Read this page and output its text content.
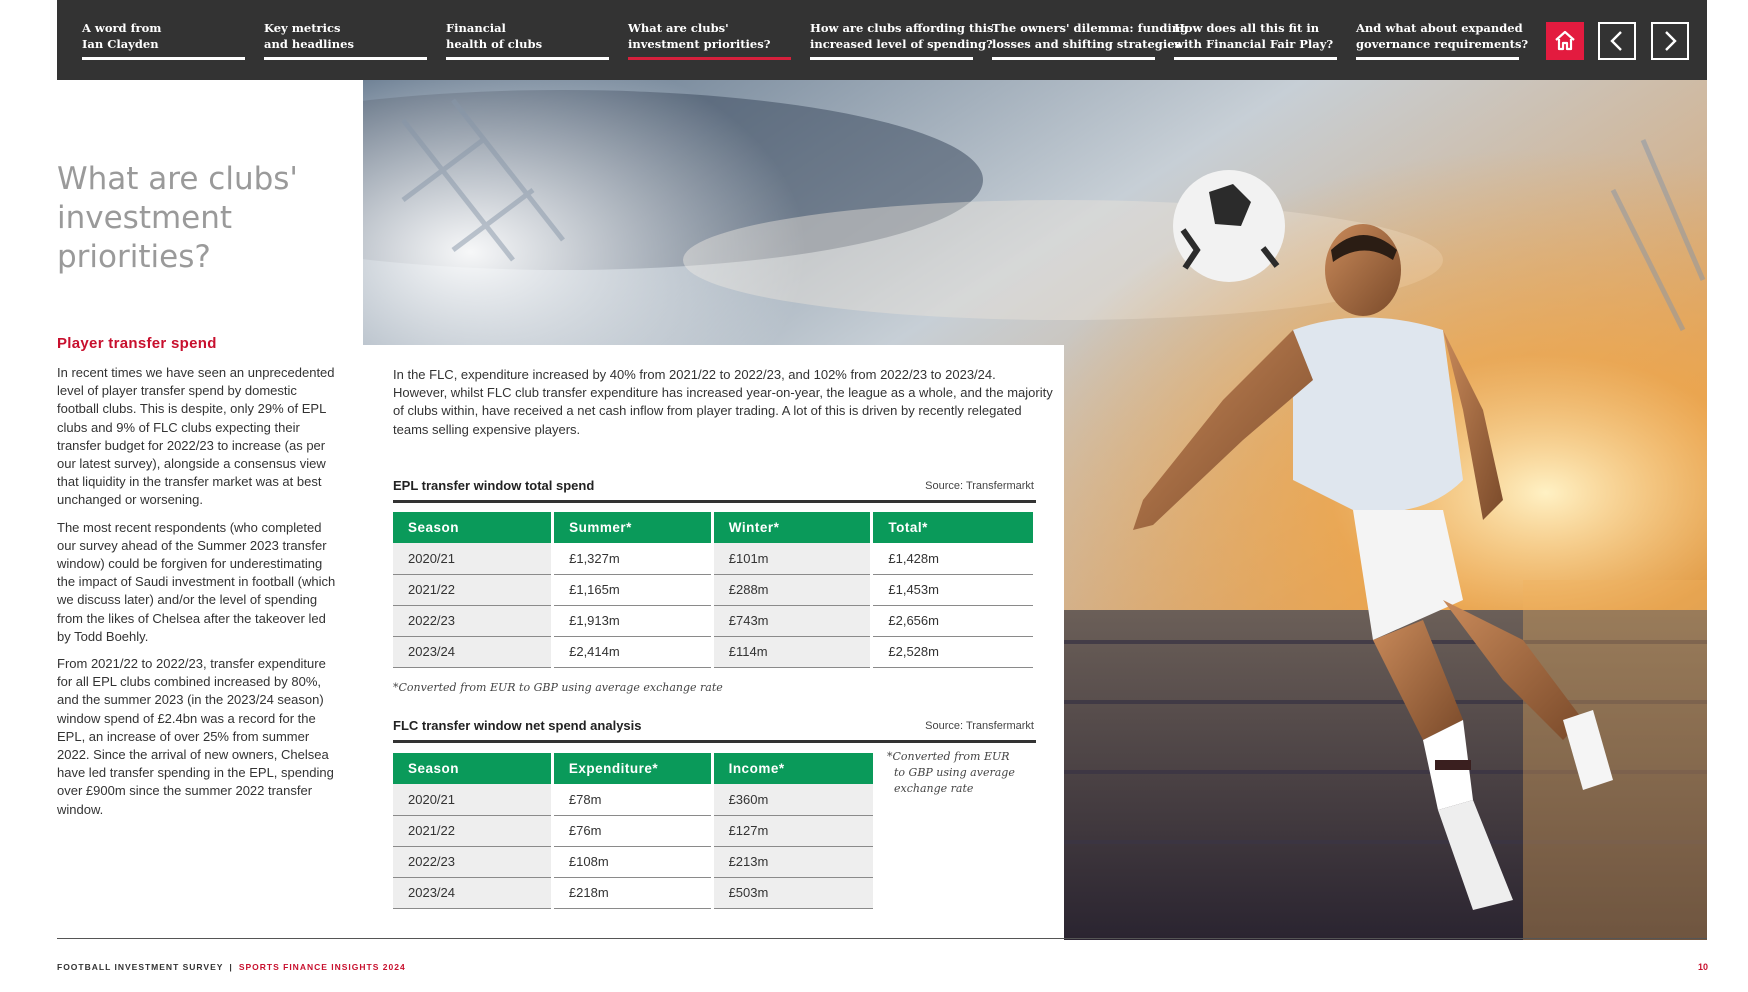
A word from
Ian Clayden
Key metrics
and headlines
Financial
health of clubs
What are clubs'
investment priorities?
How are clubs affording this
increased level of spending?
The owners' dilemma: funding
losses and shifting strategies
How does all this fit in
with Financial Fair Play?
And what about expanded
governance requirements?
What are clubs'
investment
priorities?
Player transfer spend

In recent times we have seen an unprecedented level of player transfer spend by domestic football clubs. This is despite, only 29% of EPL clubs and 9% of FLC clubs expecting their transfer budget for 2022/23 to increase (as per our latest survey), alongside a consensus view that liquidity in the transfer market was at best unchanged or worsening.

The most recent respondents (who completed our survey ahead of the Summer 2023 transfer window) could be forgiven for underestimating the impact of Saudi investment in football (which we discuss later) and/or the level of spending from the likes of Chelsea after the takeover led by Todd Boehly.

From 2021/22 to 2022/23, transfer expenditure for all EPL clubs combined increased by 80%, and the summer 2023 (in the 2023/24 season) window spend of £2.4bn was a record for the EPL, an increase of over 25% from summer 2022. Since the arrival of new owners, Chelsea have led transfer spending in the EPL, spending over £900m since the summer 2022 transfer window.

In the FLC, expenditure increased by 40% from 2021/22 to 2022/23, and 102% from 2022/23 to 2023/24. However, whilst FLC club transfer expenditure has increased year-on-year, the league as a whole, and the majority of clubs within, have received a net cash inflow from player trading. A lot of this is driven by recently relegated teams selling expensive players.

EPL transfer window total spend	Source: Transfermarkt
Season	Summer*	Winter*	Total*
2020/21	£1,327m	£101m	£1,428m
2021/22	£1,165m	£288m	£1,453m
2022/23	£1,913m	£743m	£2,656m
2023/24	£2,414m	£114m	£2,528m
*Converted from EUR to GBP using average exchange rate
FLC transfer window net spend analysis	Source: Transfermarkt
Season	Expenditure*	Income*
2020/21	£78m	£360m
2021/22	£76m	£127m
2022/23	£108m	£213m
2023/24	£218m	£503m
*Converted from EUR
to GBP using average
exchange rate
FOOTBALL INVESTMENT SURVEY | SPORTS FINANCE INSIGHTS 2024	10
